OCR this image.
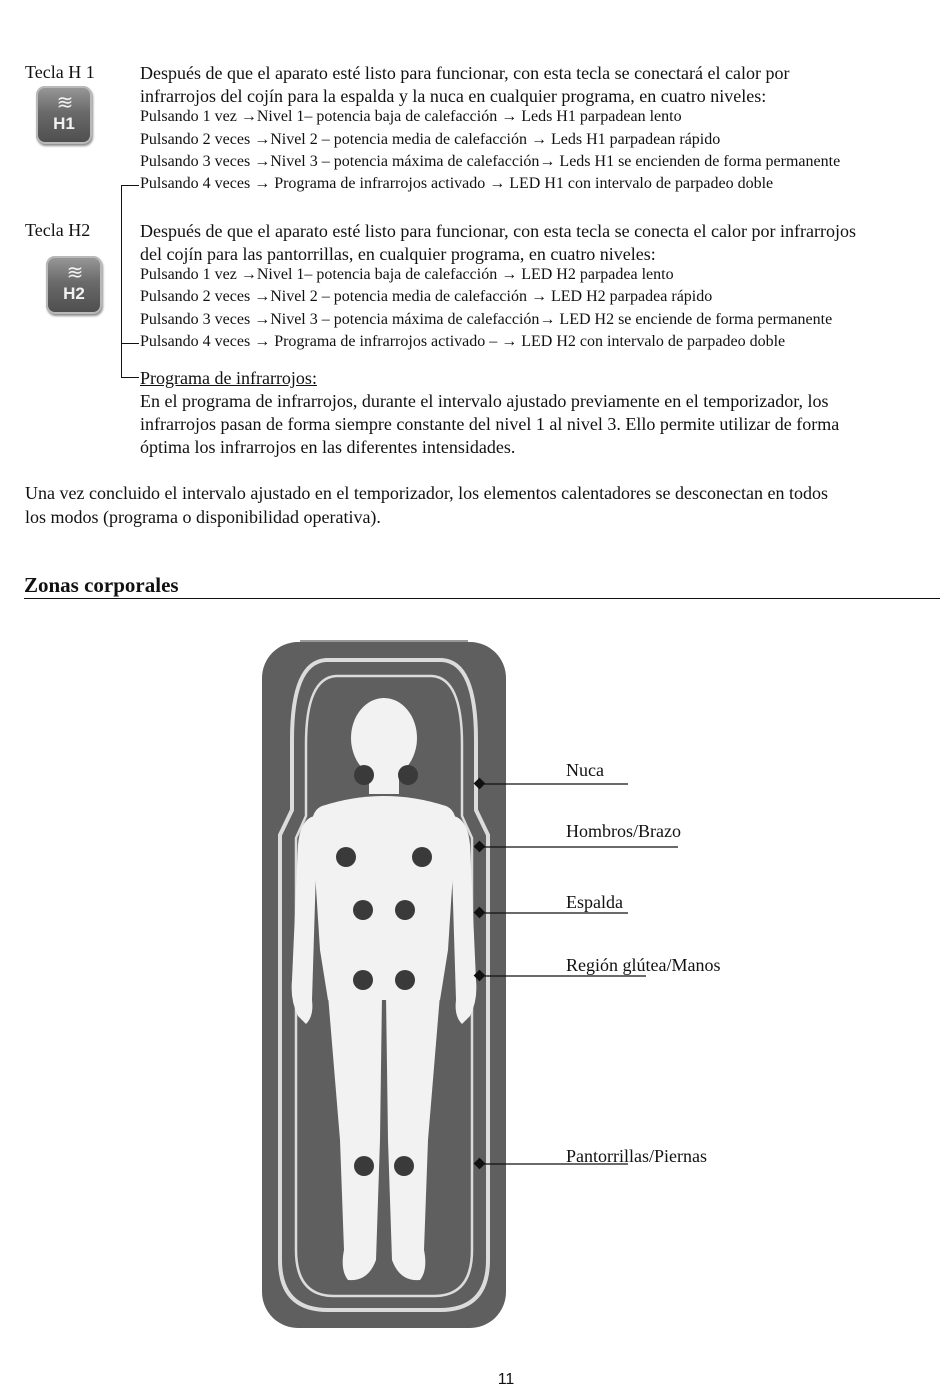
Tecla H 1
≋
H1
Después de que el aparato esté listo para funcionar, con esta tecla se conectará el calor por
infrarrojos del cojín para la espalda y la nuca en cualquier programa, en cuatro niveles:
Pulsando 1 vez →Nivel 1– potencia baja de calefacción → Leds H1 parpadean lento
Pulsando 2 veces →Nivel 2 – potencia media de calefacción → Leds H1 parpadean rápido
Pulsando 3 veces →Nivel 3 – potencia máxima de calefacción→ Leds H1 se encienden de forma permanente
Pulsando 4 veces → Programa de infrarrojos activado → LED H1 con intervalo de parpadeo doble
Tecla H2
≋
H2
Después de que el aparato esté listo para funcionar, con esta tecla se conecta el calor por infrarrojos
del cojín para las pantorrillas, en cualquier programa, en cuatro niveles:
Pulsando 1 vez →Nivel 1– potencia baja de calefacción → LED H2 parpadea lento
Pulsando 2 veces →Nivel 2 – potencia media de calefacción → LED H2 parpadea rápido
Pulsando 3 veces →Nivel 3 – potencia máxima de calefacción→ LED H2 se enciende de forma permanente
Pulsando 4 veces → Programa de infrarrojos activado – → LED H2 con intervalo de parpadeo doble
Programa de infrarrojos:
En el programa de infrarrojos, durante el intervalo ajustado previamente en el temporizador, los
infrarrojos pasan de forma siempre constante del nivel 1 al nivel 3. Ello permite utilizar de forma
óptima los infrarrojos en las diferentes intensidades.
Una vez concluido el intervalo ajustado en el temporizador, los elementos calentadores se desconectan en todos
los modos (programa o disponibilidad operativa).
Zonas corporales
Nuca
Hombros/Brazo
Espalda
Región glútea/Manos
Pantorrillas/Piernas
11
